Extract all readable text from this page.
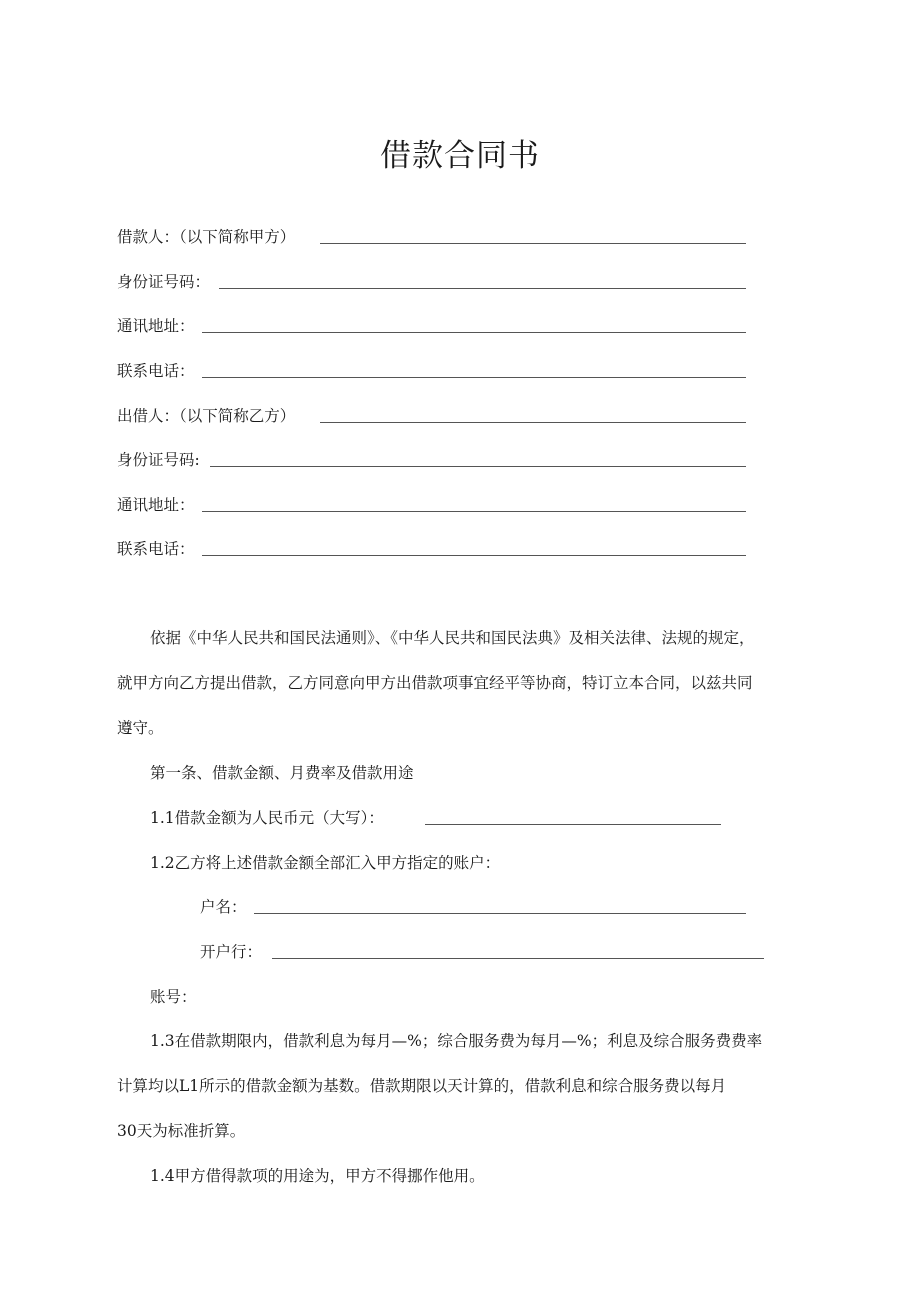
借款合同书
借款人：（以下简称甲方）
身份证号码：
通讯地址：
联系电话：
出借人：（以下简称乙方）
身份证号码:
通讯地址：
联系电话：
依据《中华人民共和国民法通则》、《中华人民共和国民法典》及相关法律、法规的规定，
就甲方向乙方提出借款，乙方同意向甲方出借款项事宜经平等协商，特订立本合同，以兹共同
遵守。
第一条、借款金额、月费率及借款用途
1.1借款金额为人民币元（大写）：
1.2乙方将上述借款金额全部汇入甲方指定的账户：
户名：
开户行：
账号：
1.3在借款期限内，借款利息为每月—%；综合服务费为每月—%；利息及综合服务费费率
计算均以L1所示的借款金额为基数。借款期限以天计算的，借款利息和综合服务费以每月
30天为标准折算。
1.4甲方借得款项的用途为，甲方不得挪作他用。
